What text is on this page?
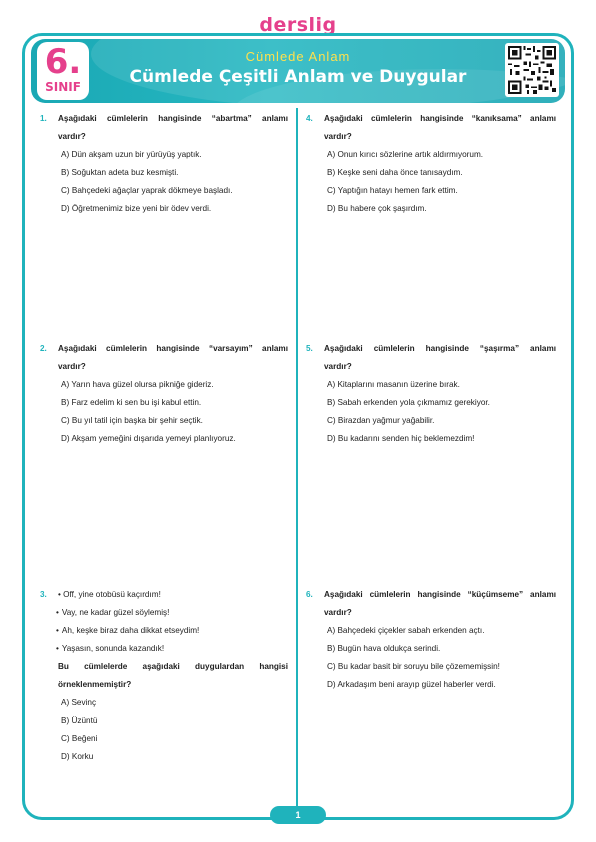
derslig
6.
SINIF
Cümlede Anlam
Cümlede Çeşitli Anlam ve Duygular
1. Aşağıdaki cümlelerin hangisinde “abartma” anlamı
vardır?
A) Dün akşam uzun bir yürüyüş yaptık.
B) Soğuktan adeta buz kesmişti.
C) Bahçedeki ağaçlar yaprak dökmeye başladı.
D) Öğretmenimiz bize yeni bir ödev verdi.
2. Aşağıdaki cümlelerin hangisinde “varsayım” anlamı
vardır?
A) Yarın hava güzel olursa pikniğe gideriz.
B) Farz edelim ki sen bu işi kabul ettin.
C) Bu yıl tatil için başka bir şehir seçtik.
D) Akşam yemeğini dışarıda yemeyi planlıyoruz.
3. • Off, yine otobüsü kaçırdım!
• Vay, ne kadar güzel söylemiş!
• Ah, keşke biraz daha dikkat etseydim!
• Yaşasın, sonunda kazandık!
Bu cümlelerde aşağıdaki duygulardan hangisi
örneklenmemiştir?
A) Sevinç
B) Üzüntü
C) Beğeni
D) Korku
4. Aşağıdaki cümlelerin hangisinde “kanıksama” anlamı
vardır?
A) Onun kırıcı sözlerine artık aldırmıyorum.
B) Keşke seni daha önce tanısaydım.
C) Yaptığın hatayı hemen fark ettim.
D) Bu habere çok şaşırdım.
5. Aşağıdaki cümlelerin hangisinde “şaşırma” anlamı
vardır?
A) Kitaplarını masanın üzerine bırak.
B) Sabah erkenden yola çıkmamız gerekiyor.
C) Birazdan yağmur yağabilir.
D) Bu kadarını senden hiç beklemezdim!
6. Aşağıdaki cümlelerin hangisinde “küçümseme” anlamı
vardır?
A) Bahçedeki çiçekler sabah erkenden açtı.
B) Bugün hava oldukça serindi.
C) Bu kadar basit bir soruyu bile çözememişsin!
D) Arkadaşım beni arayıp güzel haberler verdi.
1
